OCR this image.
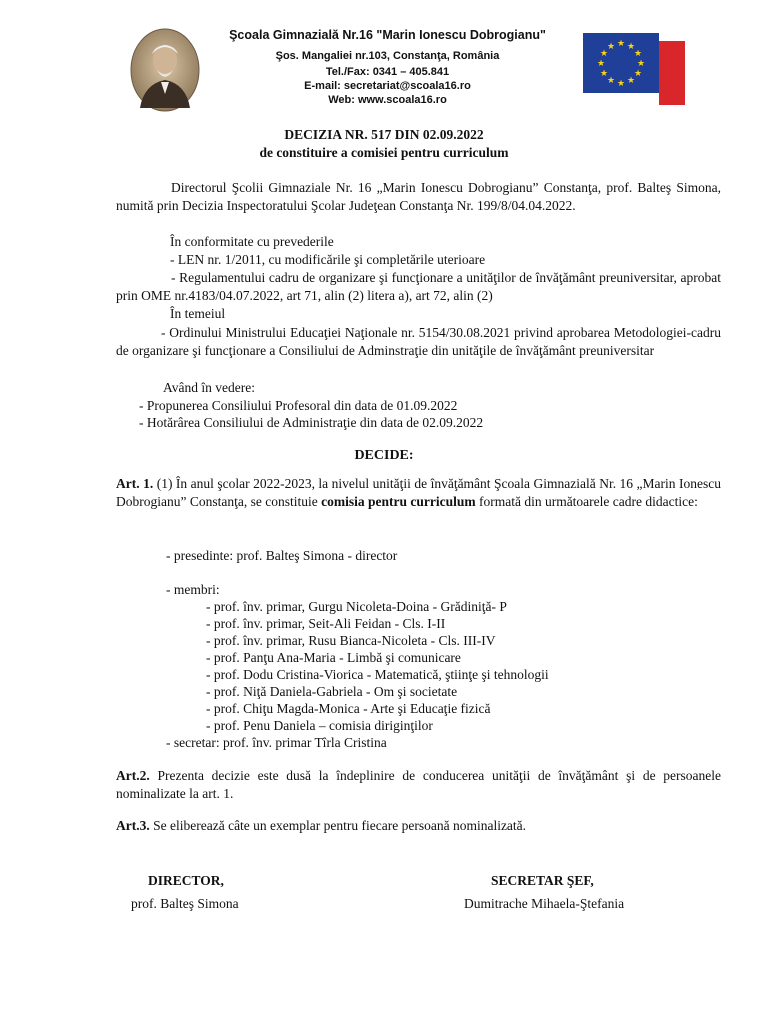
Şcoala Gimnazială Nr.16 "Marin Ionescu Dobrogianu"
Şos. Mangaliei nr.103, Constanţa, România
Tel./Fax: 0341 – 405.841
E-mail: secretariat@scoala16.ro
Web: www.scoala16.ro
★ ★
★
★
★
★
★
★
★
★
★
★
DECIZIA NR. 517 DIN 02.09.2022
de constituire a comisiei pentru curriculum

Directorul Şcolii Gimnaziale Nr. 16 „Marin Ionescu Dobrogianu” Constanţa, prof. Balteş Simona, numită prin Decizia Inspectoratului Şcolar Judeţean Constanţa Nr. 199/8/04.04.2022.

În conformitate cu prevederile

- LEN nr. 1/2011, cu modificările şi completările uterioare

- Regulamentului cadru de organizare şi funcţionare a unităţilor de învăţământ preuniversitar, aprobat prin OME nr.4183/04.07.2022, art 71, alin (2) litera a), art 72, alin (2)

În temeiul

- Ordinului Ministrului Educaţiei Naţionale nr. 5154/30.08.2021 privind aprobarea Metodologiei-cadru de organizare şi funcţionare a Consiliului de Adminstraţie din unităţile de învăţământ preuniversitar

Având în vedere:

- Propunerea Consiliului Profesoral din data de 01.09.2022

- Hotărârea Consiliului de Administraţie din data de 02.09.2022

DECIDE:

Art. 1. (1) În anul şcolar 2022-2023, la nivelul unităţii de învăţământ Şcoala Gimnazială Nr. 16 „Marin Ionescu Dobrogianu” Constanţa, se constituie comisia pentru curriculum formată din următoarele cadre didactice:

- presedinte: prof. Balteş Simona - director

- membri:

- prof. înv. primar, Gurgu Nicoleta-Doina - Grădiniţă- P

- prof. înv. primar, Seit-Ali Feidan - Cls. I-II

- prof. înv. primar, Rusu Bianca-Nicoleta - Cls. III-IV

- prof. Panţu Ana-Maria - Limbă şi comunicare

- prof. Dodu Cristina-Viorica - Matematică, ştiinţe şi tehnologii

- prof. Niţă Daniela-Gabriela - Om şi societate

- prof. Chiţu Magda-Monica - Arte şi Educaţie fizică

- prof. Penu Daniela – comisia diriginţilor

- secretar: prof. înv. primar Tîrla Cristina

Art.2. Prezenta decizie este dusă la îndeplinire de conducerea unităţii de învăţământ şi de persoanele nominalizate la art. 1.

Art.3. Se eliberează câte un exemplar pentru fiecare persoană nominalizată.

DIRECTOR,
prof. Balteş Simona
SECRETAR ŞEF,
Dumitrache Mihaela-Ştefania
